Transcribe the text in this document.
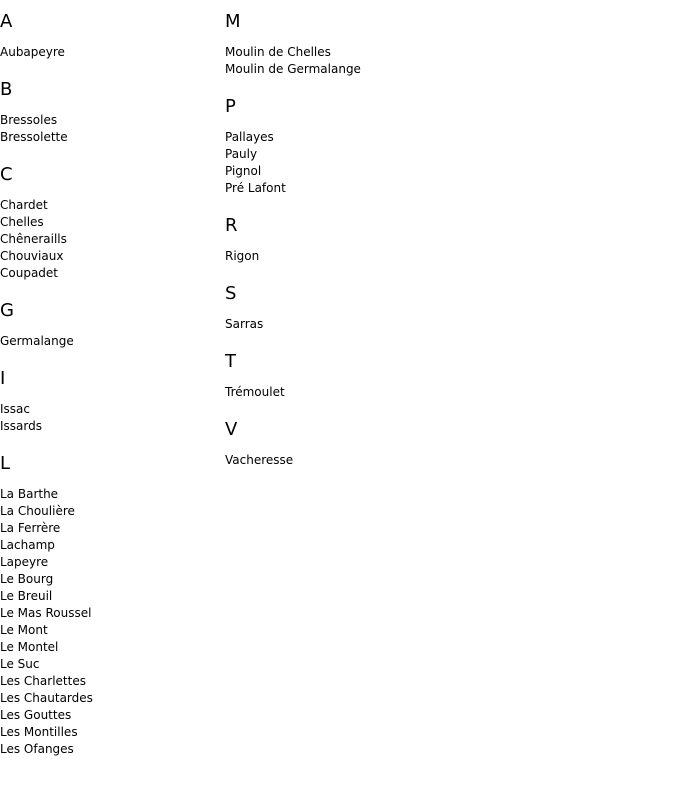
A
Aubapeyre
B
Bressoles
Bressolette
C
Chardet
Chelles
Chêneraills
Chouviaux
Coupadet
G
Germalange
I
Issac
Issards
L
La Barthe
La Choulière
La Ferrère
Lachamp
Lapeyre
Le Bourg
Le Breuil
Le Mas Roussel
Le Mont
Le Montel
Le Suc
Les Charlettes
Les Chautardes
Les Gouttes
Les Montilles
Les Ofanges
M
Moulin de Chelles
Moulin de Germalange
P
Pallayes
Pauly
Pignol
Pré Lafont
R
Rigon
S
Sarras
T
Trémoulet
V
Vacheresse
